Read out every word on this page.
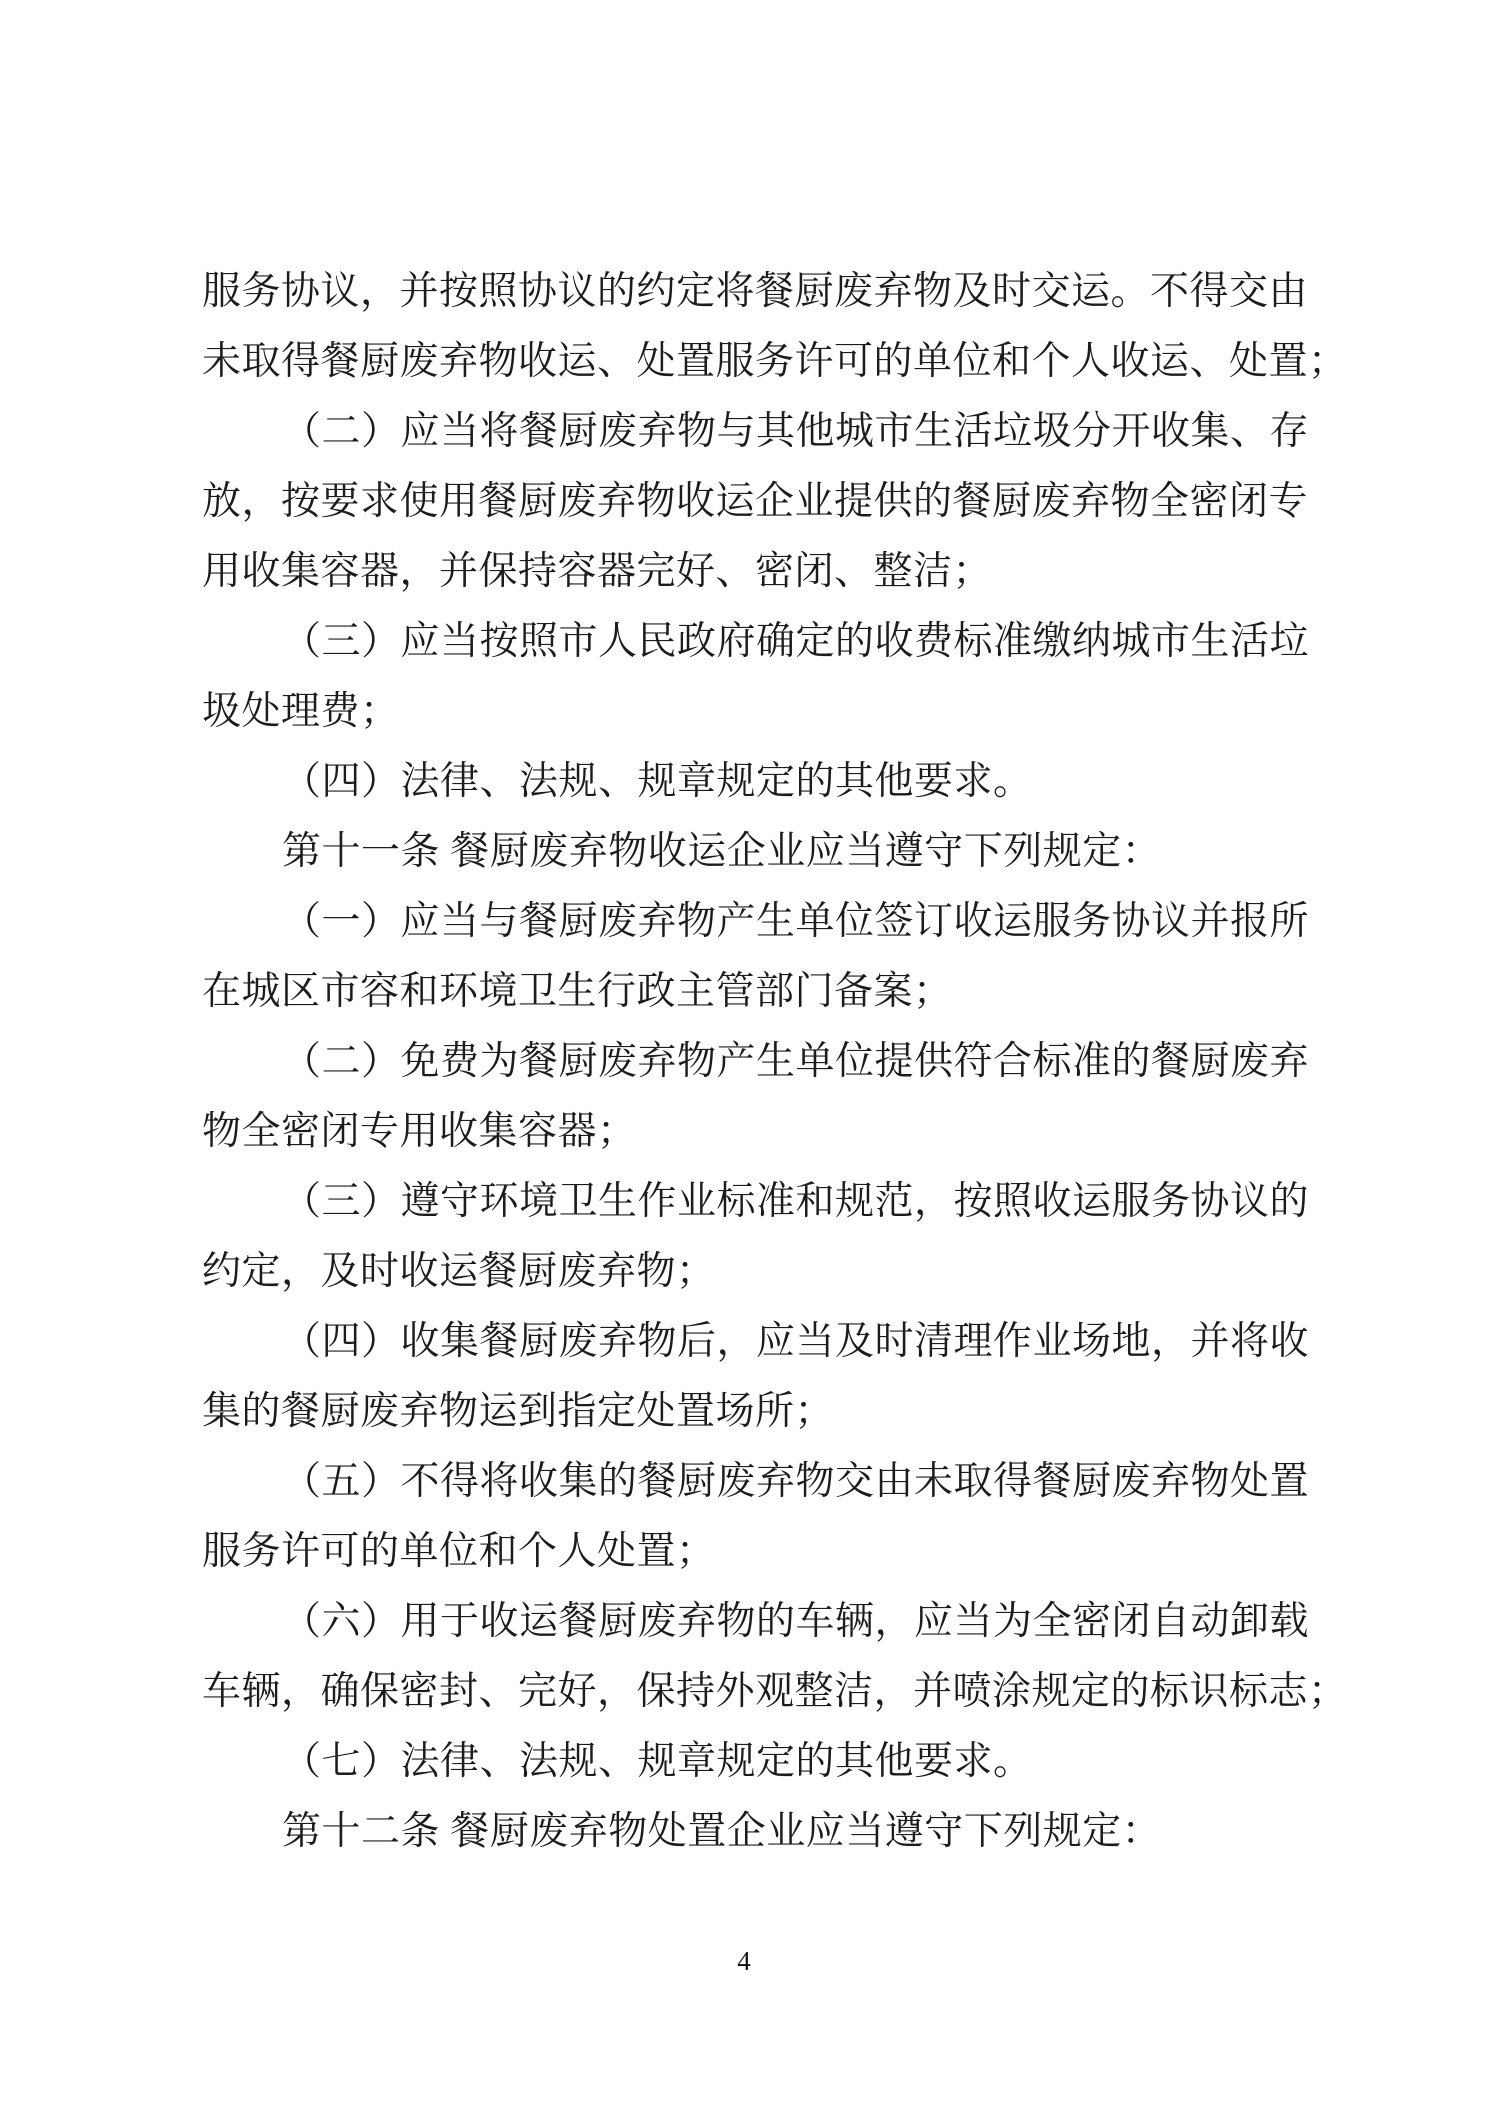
服务协议，并按照协议的约定将餐厨废弃物及时交运。不得交由
未取得餐厨废弃物收运、处置服务许可的单位和个人收运、处置；
（二）应当将餐厨废弃物与其他城市生活垃圾分开收集、存
放，按要求使用餐厨废弃物收运企业提供的餐厨废弃物全密闭专
用收集容器，并保持容器完好、密闭、整洁；
（三）应当按照市人民政府确定的收费标准缴纳城市生活垃
圾处理费；
（四）法律、法规、规章规定的其他要求。
第十一条 餐厨废弃物收运企业应当遵守下列规定：
（一）应当与餐厨废弃物产生单位签订收运服务协议并报所
在城区市容和环境卫生行政主管部门备案；
（二）免费为餐厨废弃物产生单位提供符合标准的餐厨废弃
物全密闭专用收集容器；
（三）遵守环境卫生作业标准和规范，按照收运服务协议的
约定，及时收运餐厨废弃物；
（四）收集餐厨废弃物后，应当及时清理作业场地，并将收
集的餐厨废弃物运到指定处置场所；
（五）不得将收集的餐厨废弃物交由未取得餐厨废弃物处置
服务许可的单位和个人处置；
（六）用于收运餐厨废弃物的车辆，应当为全密闭自动卸载
车辆，确保密封、完好，保持外观整洁，并喷涂规定的标识标志；
（七）法律、法规、规章规定的其他要求。
第十二条 餐厨废弃物处置企业应当遵守下列规定：
4
